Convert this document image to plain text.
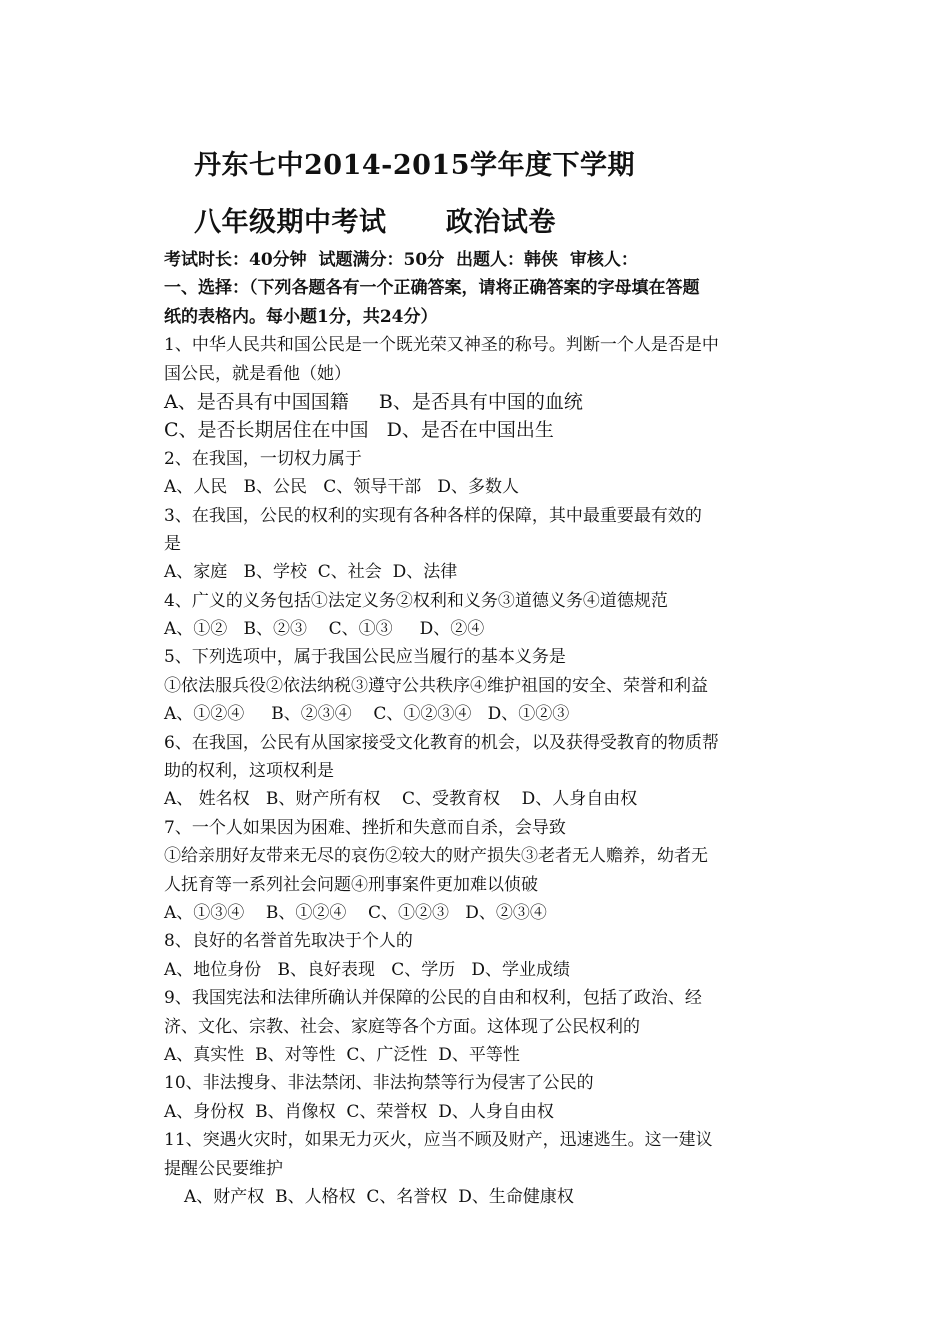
丹东七中2014-2015学年度下学期
八年级期中考试      政治试卷
考试时长：40分钟  试题满分：50分  出题人：韩侠  审核人：
一、选择：（下列各题各有一个正确答案，请将正确答案的字母填在答题
纸的表格内。每小题1分，共24分）
1、中华人民共和国公民是一个既光荣又神圣的称号。判断一个人是否是中
国公民，就是看他（她）
A、是否具有中国国籍     B、是否具有中国的血统
C、是否长期居住在中国   D、是否在中国出生
2、在我国，一切权力属于
A、人民   B、公民   C、领导干部   D、多数人
3、在我国，公民的权利的实现有各种各样的保障，其中最重要最有效的
是
A、家庭   B、学校  C、社会  D、法律
4、广义的义务包括①法定义务②权利和义务③道德义务④道德规范
A、①②   B、②③    C、①③     D、②④
5、下列选项中，属于我国公民应当履行的基本义务是
①依法服兵役②依法纳税③遵守公共秩序④维护祖国的安全、荣誉和利益
A、①②④     B、②③④    C、①②③④   D、①②③
6、在我国，公民有从国家接受文化教育的机会，以及获得受教育的物质帮
助的权利，这项权利是
A、 姓名权   B、财产所有权    C、受教育权    D、人身自由权
7、一个人如果因为困难、挫折和失意而自杀，会导致
①给亲朋好友带来无尽的哀伤②较大的财产损失③老者无人赡养，幼者无
人抚育等一系列社会问题④刑事案件更加难以侦破
A、①③④    B、①②④    C、①②③   D、②③④
8、良好的名誉首先取决于个人的
A、地位身份   B、良好表现   C、学历   D、学业成绩
9、我国宪法和法律所确认并保障的公民的自由和权利，包括了政治、经
济、文化、宗教、社会、家庭等各个方面。这体现了公民权利的
A、真实性  B、对等性  C、广泛性  D、平等性
10、非法搜身、非法禁闭、非法拘禁等行为侵害了公民的
A、身份权  B、肖像权  C、荣誉权  D、人身自由权
11、突遇火灾时，如果无力灭火，应当不顾及财产，迅速逃生。这一建议
提醒公民要维护
A、财产权  B、人格权  C、名誉权  D、生命健康权
